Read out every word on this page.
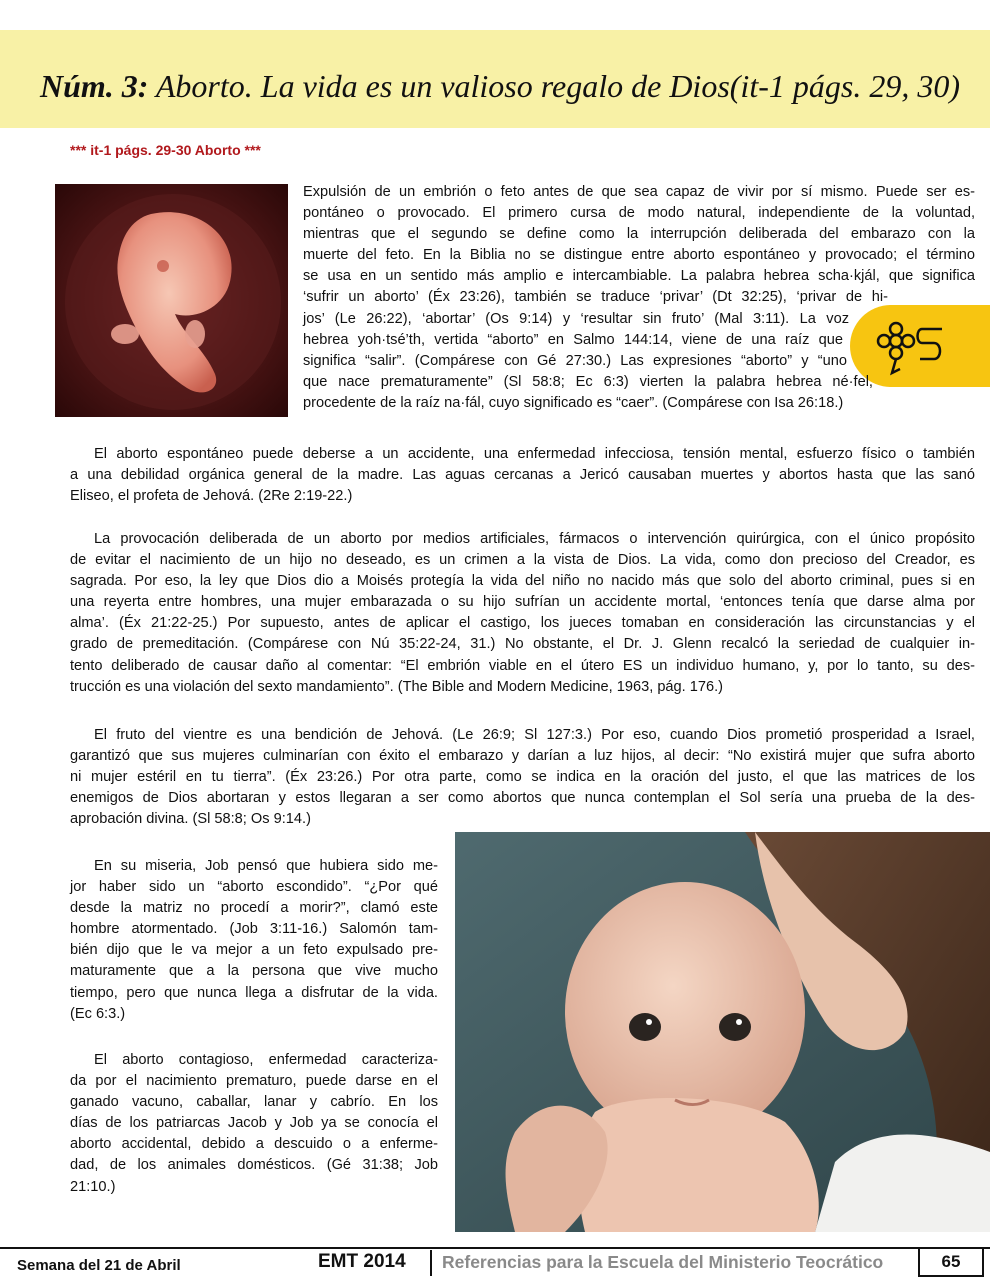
Núm. 3: Aborto. La vida es un valioso regalo de Dios(it-1 págs. 29, 30)
*** it-1 págs. 29-30 Aborto ***
Expulsión de un embrión o feto antes de que sea capaz de vivir por sí mismo. Puede ser es-
pontáneo o provocado. El primero cursa de modo natural, independiente de la voluntad,
mientras que el segundo se define como la interrupción deliberada del embarazo con la
muerte del feto. En la Biblia no se distingue entre aborto espontáneo y provocado; el término
se usa en un sentido más amplio e intercambiable. La palabra hebrea scha·kjál, que significa
‘sufrir un aborto’ (Éx 23:26), también se traduce ‘privar’ (Dt 32:25), ‘privar de hi-
jos’ (Le 26:22), ‘abortar’ (Os 9:14) y ‘resultar sin fruto’ (Mal 3:11). La voz
hebrea yoh·tsé’th, vertida “aborto” en Salmo 144:14, viene de una raíz que
significa “salir”. (Compárese con Gé 27:30.) Las expresiones “aborto” y “uno
que nace prematuramente” (Sl 58:8; Ec 6:3) vierten la palabra hebrea né·fel,
procedente de la raíz na·fál, cuyo significado es “caer”. (Compárese con Isa 26:18.)
El aborto espontáneo puede deberse a un accidente, una enfermedad infecciosa, tensión mental, esfuerzo físico o también
a una debilidad orgánica general de la madre. Las aguas cercanas a Jericó causaban muertes y abortos hasta que las sanó
Eliseo, el profeta de Jehová. (2Re 2:19-22.)
La provocación deliberada de un aborto por medios artificiales, fármacos o intervención quirúrgica, con el único propósito
de evitar el nacimiento de un hijo no deseado, es un crimen a la vista de Dios. La vida, como don precioso del Creador, es
sagrada. Por eso, la ley que Dios dio a Moisés protegía la vida del niño no nacido más que solo del aborto criminal, pues si en
una reyerta entre hombres, una mujer embarazada o su hijo sufrían un accidente mortal, ‘entonces tenía que darse alma por
alma’. (Éx 21:22-25.) Por supuesto, antes de aplicar el castigo, los jueces tomaban en consideración las circunstancias y el
grado de premeditación. (Compárese con Nú 35:22-24, 31.) No obstante, el Dr. J. Glenn recalcó la seriedad de cualquier in-
tento deliberado de causar daño al comentar: “El embrión viable en el útero ES un individuo humano, y, por lo tanto, su des-
trucción es una violación del sexto mandamiento”. (The Bible and Modern Medicine, 1963, pág. 176.)
El fruto del vientre es una bendición de Jehová. (Le 26:9; Sl 127:3.) Por eso, cuando Dios prometió prosperidad a Israel,
garantizó que sus mujeres culminarían con éxito el embarazo y darían a luz hijos, al decir: “No existirá mujer que sufra aborto
ni mujer estéril en tu tierra”. (Éx 23:26.) Por otra parte, como se indica en la oración del justo, el que las matrices de los
enemigos de Dios abortaran y estos llegaran a ser como abortos que nunca contemplan el Sol sería una prueba de la des-
aprobación divina. (Sl 58:8; Os 9:14.)
En su miseria, Job pensó que hubiera sido me-
jor haber sido un “aborto escondido”. “¿Por qué
desde la matriz no procedí a morir?”, clamó este
hombre atormentado. (Job 3:11-16.) Salomón tam-
bién dijo que le va mejor a un feto expulsado pre-
maturamente que a la persona que vive mucho
tiempo, pero que nunca llega a disfrutar de la vida.
(Ec 6:3.)
El aborto contagioso, enfermedad caracteriza-
da por el nacimiento prematuro, puede darse en el
ganado vacuno, caballar, lanar y cabrío. En los
días de los patriarcas Jacob y Job ya se conocía el
aborto accidental, debido a descuido o a enferme-
dad, de los animales domésticos. (Gé 31:38; Job
21:10.)
Semana del 21 de Abril	EMT 2014 Referencias para la Escuela del Ministerio Teocrático	65
